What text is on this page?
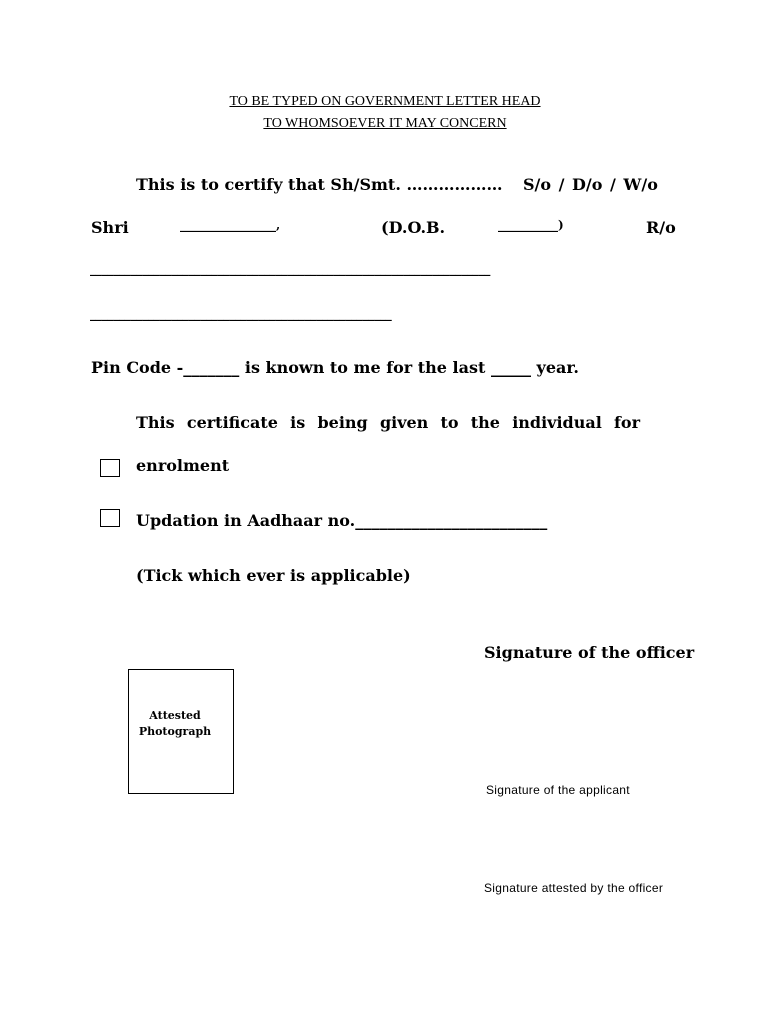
TO BE TYPED ON GOVERNMENT LETTER HEAD
TO WHOMSOEVER IT MAY CONCERN
This is to certify that Sh/Smt. ……………… S/o / D/o / W/o
Shri	________________,	(D.O.B.	__________)	R/o
_____________________________________________________________________
____________________________________________________
Pin Code -_______ is known to me for the last _____ year.
This certificate is being given to the individual for
enrolment
Updation in Aadhaar no.________________________
(Tick which ever is applicable)
Signature of the officer
Attested
Photograph
Signature of the applicant
Signature attested by the officer
